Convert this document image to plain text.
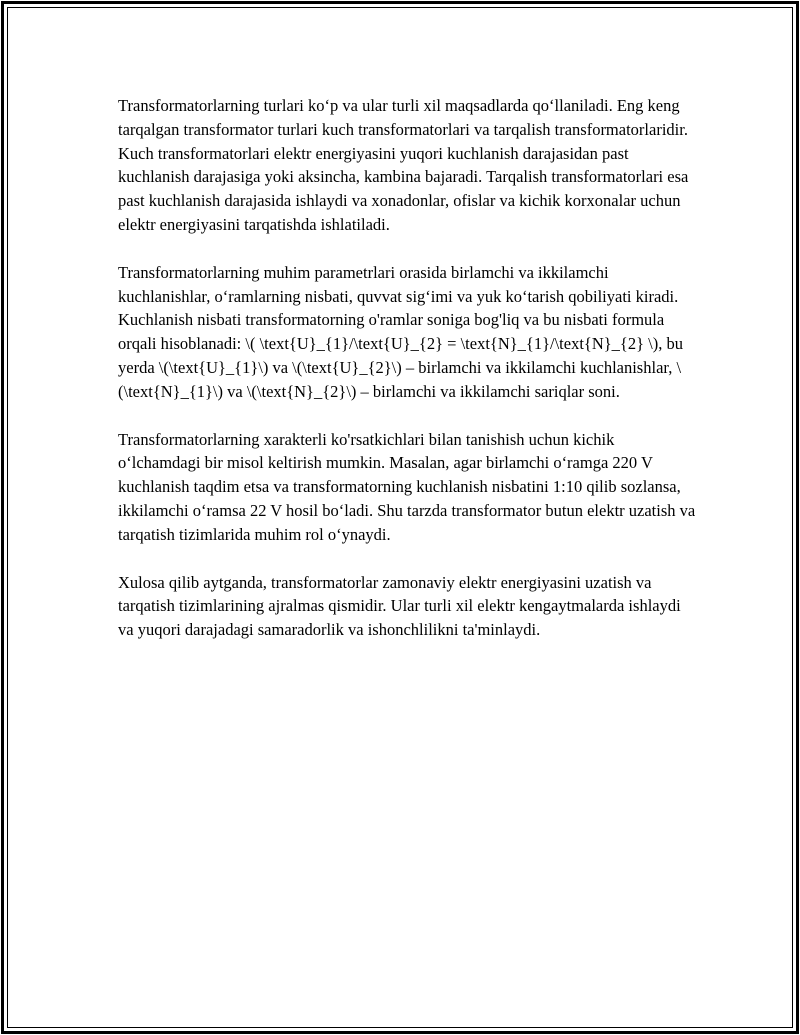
Transformatorlarning turlari ko‘p va ular turli xil maqsadlarda qo‘llaniladi. Eng keng tarqalgan transformator turlari kuch transformatorlari va tarqalish transformatorlaridir. Kuch transformatorlari elektr energiyasini yuqori kuchlanish darajasidan past kuchlanish darajasiga yoki aksincha, kambina bajaradi. Tarqalish transformatorlari esa past kuchlanish darajasida ishlaydi va xonadonlar, ofislar va kichik korxonalar uchun elektr energiyasini tarqatishda ishlatiladi.

Transformatorlarning muhim parametrlari orasida birlamchi va ikkilamchi kuchlanishlar, o‘ramlarning nisbati, quvvat sig‘imi va yuk ko‘tarish qobiliyati kiradi. Kuchlanish nisbati transformatorning o'ramlar soniga bog'liq va bu nisbati formula orqali hisoblanadi: \( \text{U}_{1}/\text{U}_{2} = \text{N}_{1}/\text{N}_{2} \), bu yerda \(\text{U}_{1}\) va \(\text{U}_{2}\) – birlamchi va ikkilamchi kuchlanishlar, \(\text{N}_{1}\) va \(\text{N}_{2}\) – birlamchi va ikkilamchi sariqlar soni.

Transformatorlarning xarakterli ko'rsatkichlari bilan tanishish uchun kichik o‘lchamdagi bir misol keltirish mumkin. Masalan, agar birlamchi o‘ramga 220 V kuchlanish taqdim etsa va transformatorning kuchlanish nisbatini 1:10 qilib sozlansa, ikkilamchi o‘ramsa 22 V hosil bo‘ladi. Shu tarzda transformator butun elektr uzatish va tarqatish tizimlarida muhim rol o‘ynaydi.

Xulosa qilib aytganda, transformatorlar zamonaviy elektr energiyasini uzatish va tarqatish tizimlarining ajralmas qismidir. Ular turli xil elektr kengaytmalarda ishlaydi va yuqori darajadagi samaradorlik va ishonchlilikni ta'minlaydi.
